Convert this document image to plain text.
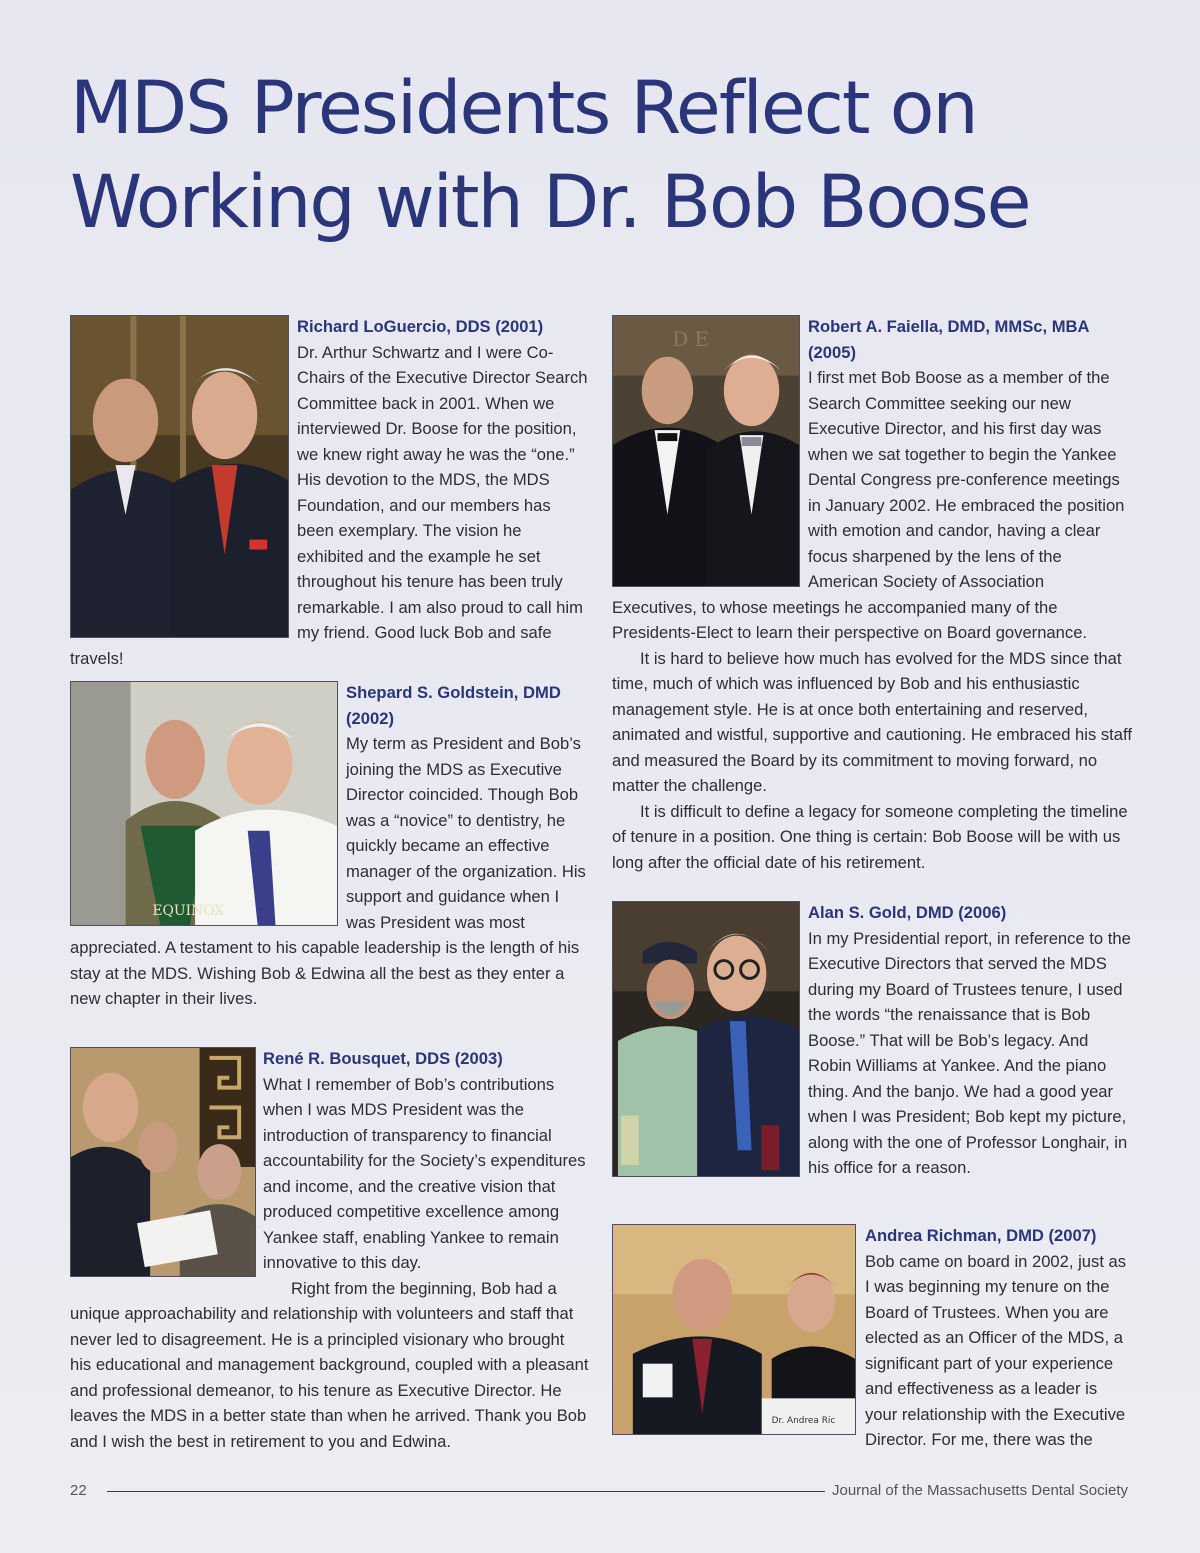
MDS Presidents Reflect on
Working with Dr. Bob Boose

Richard LoGuercio, DDS (2001)

Dr. Arthur Schwartz and I were Co-Chairs of the Executive Director Search Committee back in 2001. When we interviewed Dr. Boose for the position, we knew right away he was the “one.” His devotion to the MDS, the MDS Foundation, and our members has been exemplary. The vision he exhibited and the example he set throughout his tenure has been truly remarkable. I am also proud to call him my friend. Good luck Bob and safe travels!

EQUINOX

Shepard S. Goldstein, DMD (2002)

My term as President and Bob’s joining the MDS as Executive Director coincided. Though Bob was a “novice” to dentistry, he quickly became an effective manager of the organization. His support and guidance when I was President was most appreciated. A testament to his capable leadership is the length of his stay at the MDS. Wishing Bob & Edwina all the best as they enter a new chapter in their lives.

René R. Bousquet, DDS (2003)

What I remember of Bob’s contributions when I was MDS President was the introduction of transparency to financial accountability for the Society’s expenditures and income, and the creative vision that produced competitive excellence among Yankee staff, enabling Yankee to remain innovative to this day.

Right from the beginning, Bob had a unique approachability and relationship with volunteers and staff that never led to disagreement. He is a principled visionary who brought his educational and management background, coupled with a pleasant and professional demeanor, to his tenure as Executive Director. He leaves the MDS in a better state than when he arrived. Thank you Bob and I wish the best in retirement to you and Edwina.

D E

Robert A. Faiella, DMD, MMSc, MBA (2005)

I first met Bob Boose as a member of the Search Committee seeking our new Executive Director, and his first day was when we sat together to begin the Yankee Dental Congress pre-conference meetings in January 2002. He embraced the position with emotion and candor, having a clear focus sharpened by the lens of the American Society of Association Executives, to whose meetings he accompanied many of the Presidents-Elect to learn their perspective on Board governance.

It is hard to believe how much has evolved for the MDS since that time, much of which was influenced by Bob and his enthusiastic management style. He is at once both entertaining and reserved, animated and wistful, supportive and cautioning. He embraced his staff and measured the Board by its commitment to moving forward, no matter the challenge.

It is difficult to define a legacy for someone completing the timeline of tenure in a position. One thing is certain: Bob Boose will be with us long after the official date of his retirement.

Alan S. Gold, DMD (2006)

In my Presidential report, in reference to the Executive Directors that served the MDS during my Board of Trustees tenure, I used the words “the renaissance that is Bob Boose.” That will be Bob’s legacy. And Robin Williams at Yankee. And the piano thing. And the banjo. We had a good year when I was President; Bob kept my picture, along with the one of Professor Longhair, in his office for a reason.

Dr. Andrea Ric

Andrea Richman, DMD (2007)

Bob came on board in 2002, just as I was beginning my tenure on the Board of Trustees. When you are elected as an Officer of the MDS, a significant part of your experience and effectiveness as a leader is your relationship with the Executive Director. For me, there was the

22	Journal of the Massachusetts Dental Society
